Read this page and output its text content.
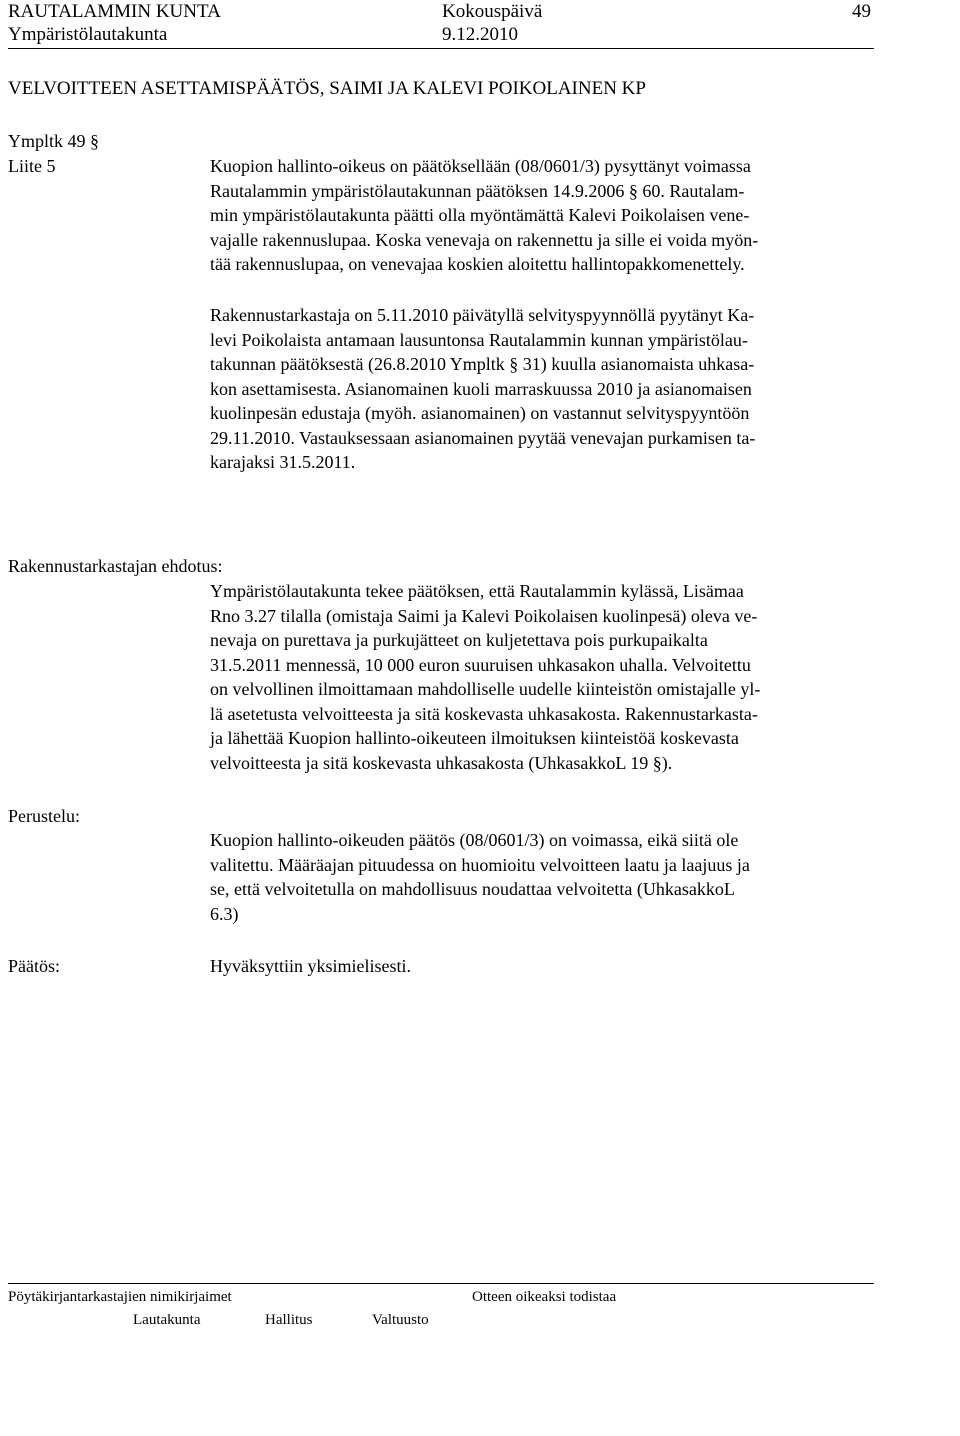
RAUTALAMMIN KUNTA	Kokouspäivä	49
Ympäristölautakunta	9.12.2010
VELVOITTEEN ASETTAMISPÄÄTÖS, SAIMI JA KALEVI POIKOLAINEN KP
Ympltk 49 §
Liite 5	Kuopion hallinto-oikeus on päätöksellään (08/0601/3) pysyttänyt voimassa
Rautalammin ympäristölautakunnan päätöksen 14.9.2006 § 60. Rautalam-
min ympäristölautakunta päätti olla myöntämättä Kalevi Poikolaisen vene-
vajalle rakennuslupaa. Koska venevaja on rakennettu ja sille ei voida myön-
tää rakennuslupaa, on venevajaa koskien aloitettu hallintopakkomenettely.
Rakennustarkastaja on 5.11.2010 päivätyllä selvityspyynnöllä pyytänyt Ka-
levi Poikolaista antamaan lausuntonsa Rautalammin kunnan ympäristölau-
takunnan päätöksestä (26.8.2010 Ympltk § 31) kuulla asianomaista uhkasa-
kon asettamisesta. Asianomainen kuoli marraskuussa 2010 ja asianomaisen
kuolinpesän edustaja (myöh. asianomainen) on vastannut selvityspyyntöön
29.11.2010. Vastauksessaan asianomainen pyytää venevajan purkamisen ta-
karajaksi 31.5.2011.
Rakennustarkastajan ehdotus:
Ympäristölautakunta tekee päätöksen, että Rautalammin kylässä, Lisämaa
Rno 3.27 tilalla (omistaja Saimi ja Kalevi Poikolaisen kuolinpesä) oleva ve-
nevaja on purettava ja purkujätteet on kuljetettava pois purkupaikalta
31.5.2011 mennessä, 10 000 euron suuruisen uhkasakon uhalla. Velvoitettu
on velvollinen ilmoittamaan mahdolliselle uudelle kiinteistön omistajalle yl-
lä asetetusta velvoitteesta ja sitä koskevasta uhkasakosta. Rakennustarkasta-
ja lähettää Kuopion hallinto-oikeuteen ilmoituksen kiinteistöä koskevasta
velvoitteesta ja sitä koskevasta uhkasakosta (UhkasakkoL 19 §).
Perustelu:
Kuopion hallinto-oikeuden päätös (08/0601/3) on voimassa, eikä siitä ole
valitettu. Määräajan pituudessa on huomioitu velvoitteen laatu ja laajuus ja
se, että velvoitetulla on mahdollisuus noudattaa velvoitetta (UhkasakkoL
6.3)
Päätös:	Hyväksyttiin yksimielisesti.
Pöytäkirjantarkastajien nimikirjaimet	Otteen oikeaksi todistaa
Lautakunta	Hallitus	Valtuusto
